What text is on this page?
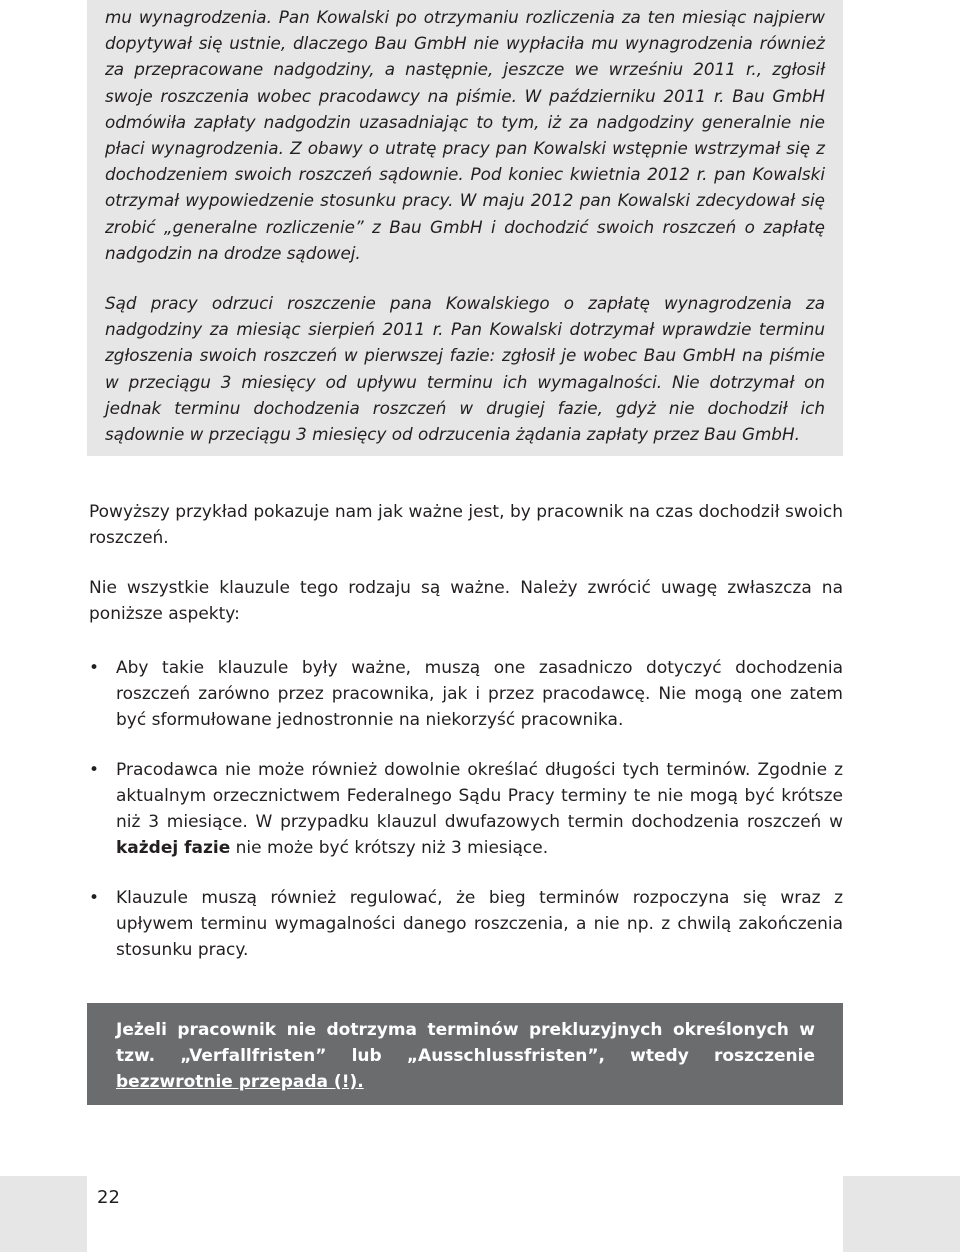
mu wynagrodzenia. Pan Kowalski po otrzymaniu rozliczenia za ten miesiąc najpierw dopytywał się ustnie, dlaczego Bau GmbH nie wypłaciła mu wynagrodzenia również za przepracowane nadgodziny, a następnie, jeszcze we wrześniu 2011 r., zgłosił swoje roszczenia wobec pracodawcy na piśmie. W październiku 2011 r. Bau GmbH odmówiła zapłaty nadgodzin uzasadniając to tym, iż za nadgodziny generalnie nie płaci wynagrodzenia. Z obawy o utratę pracy pan Kowalski wstępnie wstrzymał się z dochodzeniem swoich roszczeń sądownie. Pod koniec kwietnia 2012 r. pan Kowalski otrzymał wypowiedzenie stosunku pracy. W maju 2012 pan Kowalski zdecydował się zrobić „generalne rozliczenie” z Bau GmbH i dochodzić swoich roszczeń o zapłatę nadgodzin na drodze sądowej.

Sąd pracy odrzuci roszczenie pana Kowalskiego o zapłatę wynagrodzenia za nadgodziny za miesiąc sierpień 2011 r. Pan Kowalski dotrzymał wprawdzie terminu zgłoszenia swoich roszczeń w pierwszej fazie: zgłosił je wobec Bau GmbH na piśmie w przeciągu 3 miesięcy od upływu terminu ich wymagalności. Nie dotrzymał on jednak terminu dochodzenia roszczeń w drugiej fazie, gdyż nie dochodził ich sądownie w przeciągu 3 miesięcy od odrzucenia żądania zapłaty przez Bau GmbH.

Powyższy przykład pokazuje nam jak ważne jest, by pracownik na czas dochodził swoich roszczeń.

Nie wszystkie klauzule tego rodzaju są ważne. Należy zwrócić uwagę zwłaszcza na poniższe aspekty:

• Aby takie klauzule były ważne, muszą one zasadniczo dotyczyć dochodzenia roszczeń zarówno przez pracownika, jak i przez pracodawcę. Nie mogą one zatem być sformułowane jednostronnie na niekorzyść pracownika.
• Pracodawca nie może również dowolnie określać długości tych terminów. Zgodnie z aktualnym orzecznictwem Federalnego Sądu Pracy terminy te nie mogą być krótsze niż 3 miesiące. W przypadku klauzul dwufazowych termin dochodzenia roszczeń w każdej fazie nie może być krótszy niż 3 miesiące.
• Klauzule muszą również regulować, że bieg terminów rozpoczyna się wraz z upływem terminu wymagalności danego roszczenia, a nie np. z chwilą zakończenia stosunku pracy.
Jeżeli pracownik nie dotrzyma terminów prekluzyjnych określonych w tzw. „Verfallfristen” lub „Ausschlussfristen”, wtedy roszczenie bezzwrotnie przepada (!).
22
